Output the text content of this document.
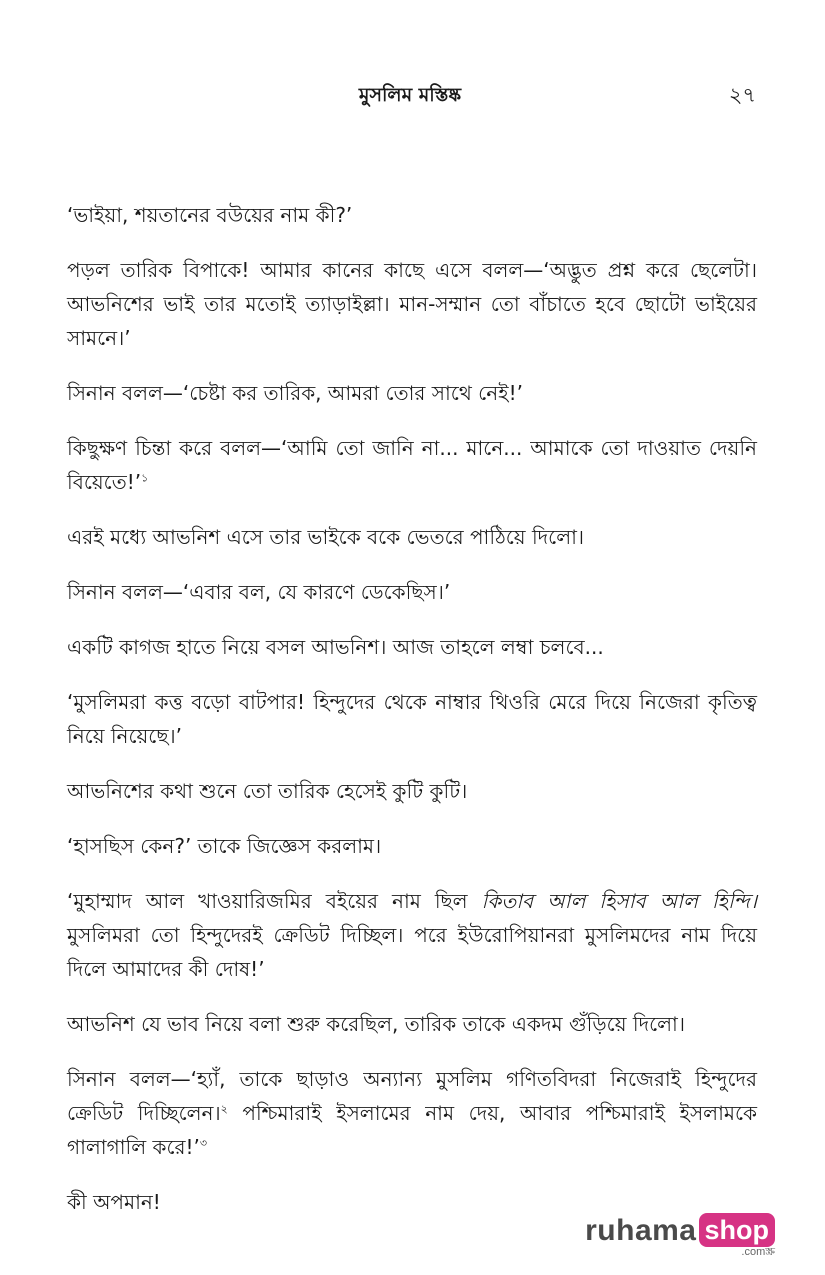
মুসলিম মস্তিষ্ক	২৭

‘ভাইয়া, শয়তানের বউয়ের নাম কী?’

পড়ল তারিক বিপাকে! আমার কানের কাছে এসে বলল—‘অদ্ভুত প্রশ্ন করে ছেলেটা। আভনিশের ভাই তার মতোই ত্যাড়াইল্লা। মান-সম্মান তো বাঁচাতে হবে ছোটো ভাইয়ের সামনে।’

সিনান বলল—‘চেষ্টা কর তারিক, আমরা তোর সাথে নেই!’

কিছুক্ষণ চিন্তা করে বলল—‘আমি তো জানি না... মানে... আমাকে তো দাওয়াত দেয়নি বিয়েতে!’$^১$

এরই মধ্যে আভনিশ এসে তার ভাইকে বকে ভেতরে পাঠিয়ে দিলো।

সিনান বলল—‘এবার বল, যে কারণে ডেকেছিস।’

একটি কাগজ হাতে নিয়ে বসল আভনিশ। আজ তাহলে লম্বা চলবে...

‘মুসলিমরা কত্ত বড়ো বাটপার! হিন্দুদের থেকে নাম্বার থিওরি মেরে দিয়ে নিজেরা কৃতিত্ব নিয়ে নিয়েছে।’

আভনিশের কথা শুনে তো তারিক হেসেই কুটি কুটি।

‘হাসছিস কেন?’ তাকে জিজ্ঞেস করলাম।

‘মুহাম্মাদ আল খাওয়ারিজমির বইয়ের নাম ছিল কিতাব আল হিসাব আল হিন্দি। মুসলিমরা তো হিন্দুদেরই ক্রেডিট দিচ্ছিল। পরে ইউরোপিয়ানরা মুসলিমদের নাম দিয়ে দিলে আমাদের কী দোষ!’

আভনিশ যে ভাব নিয়ে বলা শুরু করেছিল, তারিক তাকে একদম গুঁড়িয়ে দিলো।

সিনান বলল—‘হ্যাঁ, তাকে ছাড়াও অন্যান্য মুসলিম গণিতবিদরা নিজেরাই হিন্দুদের ক্রেডিট দিচ্ছিলেন।$^২$ পশ্চিমারাই ইসলামের নাম দেয়, আবার পশ্চিমারাই ইসলামকে গালাগালি করে!’$^৩$

কী অপমান!

ruhama shop
.comস্ক্র
